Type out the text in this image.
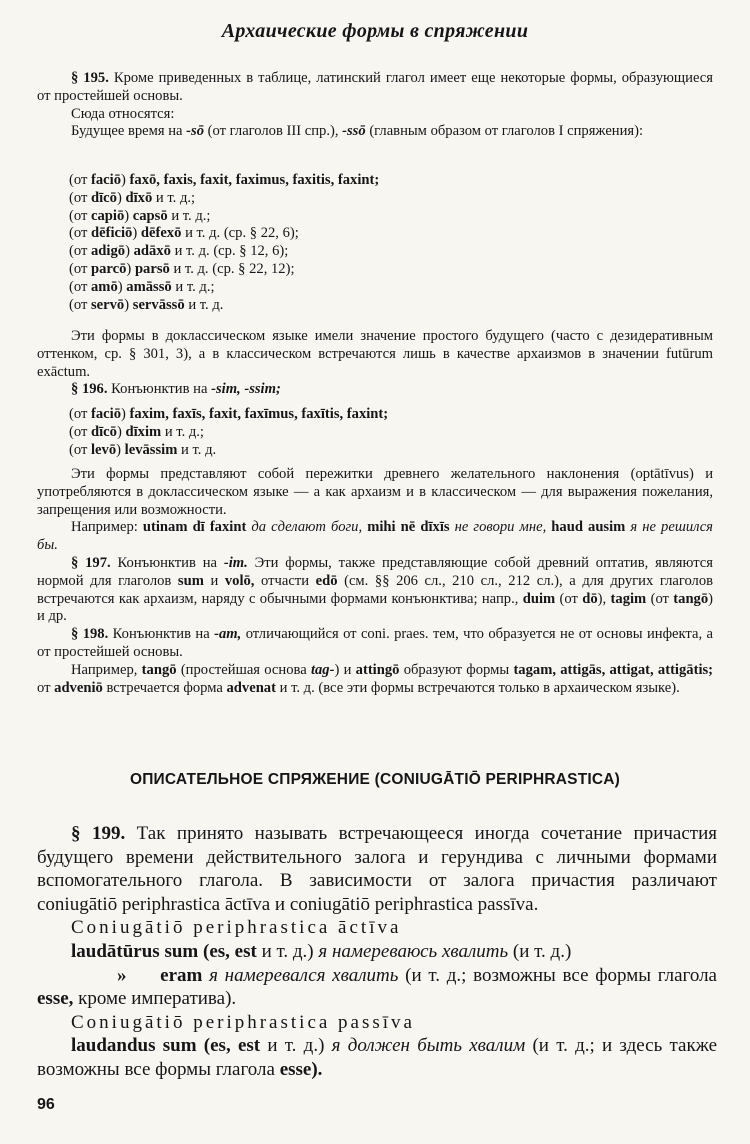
Архаические формы в спряжении

§ 195. Кроме приведенных в таблице, латинский глагол имеет еще некоторые формы, образующиеся от простейшей основы.

Сюда относятся:

Будущее время на -sō (от глаголов III спр.), -ssō (главным образом от глаголов I спряжения):

(от faciō) faxō, faxis, faxit, faximus, faxitis, faxint;
(от dīcō) dīxō и т. д.;
(от capiō) capsō и т. д.;
(от dēficiō) dēfexō и т. д. (ср. § 22, 6);
(от adigō) adāxō и т. д. (ср. § 12, 6);
(от parcō) parsō и т. д. (ср. § 22, 12);
(от amō) amāssō и т. д.;
(от servō) servāssō и т. д.

Эти формы в доклассическом языке имели значение простого будущего (часто с дезидеративным оттенком, ср. § 301, 3), а в классическом встречаются лишь в качестве архаизмов в значении futūrum exāctum.

§ 196. Конъюнктив на -sim, -ssim;

(от faciō) faxim, faxīs, faxit, faxīmus, faxītis, faxint;
(от dīcō) dīxim и т. д.;
(от levō) levāssim и т. д.

Эти формы представляют собой пережитки древнего желательного наклонения (optātīvus) и употребляются в доклассическом языке — а как архаизм и в классическом — для выражения пожелания, запрещения или возможности.

Например: utinam dī faxint да сделают боги, mihi nē dīxīs не говори мне, haud ausim я не решился бы.

§ 197. Конъюнктив на -im. Эти формы, также представляющие собой древний оптатив, являются нормой для глаголов sum и volō, отчасти edō (см. §§ 206 сл., 210 сл., 212 сл.), а для других глаголов встречаются как архаизм, наряду с обычными формами конъюнктива; напр., duim (от dō), tagim (от tangō) и др.

§ 198. Конъюнктив на -am, отличающийся от coni. praes. тем, что образуется не от основы инфекта, а от простейшей основы.

Например, tangō (простейшая основа tag-) и attingō образуют формы tagam, attigās, attigat, attigātis; от adveniō встречается форма advenat и т. д. (все эти формы встречаются только в архаическом языке).

ОПИСАТЕЛЬНОЕ СПРЯЖЕНИЕ (CONIUGĀTIŌ PERIPHRASTICA)

§ 199. Так принято называть встречающееся иногда сочетание причастия будущего времени действительного залога и герундива с личными формами вспомогательного глагола. В зависимости от залога причастия различают coniugātiō periphrastica āctīva и coniugātiō periphrastica passīva.

Coniugātiō periphrastica āctīva

laudātūrus sum (es, est и т. д.) я намереваюсь хвалить (и т. д.)

» eram я намеревался хвалить (и т. д.; возможны все формы глагола esse, кроме императива).

Coniugātiō periphrastica passīva

laudandus sum (es, est и т. д.) я должен быть хвалим (и т. д.; и здесь также возможны все формы глагола esse).

96
